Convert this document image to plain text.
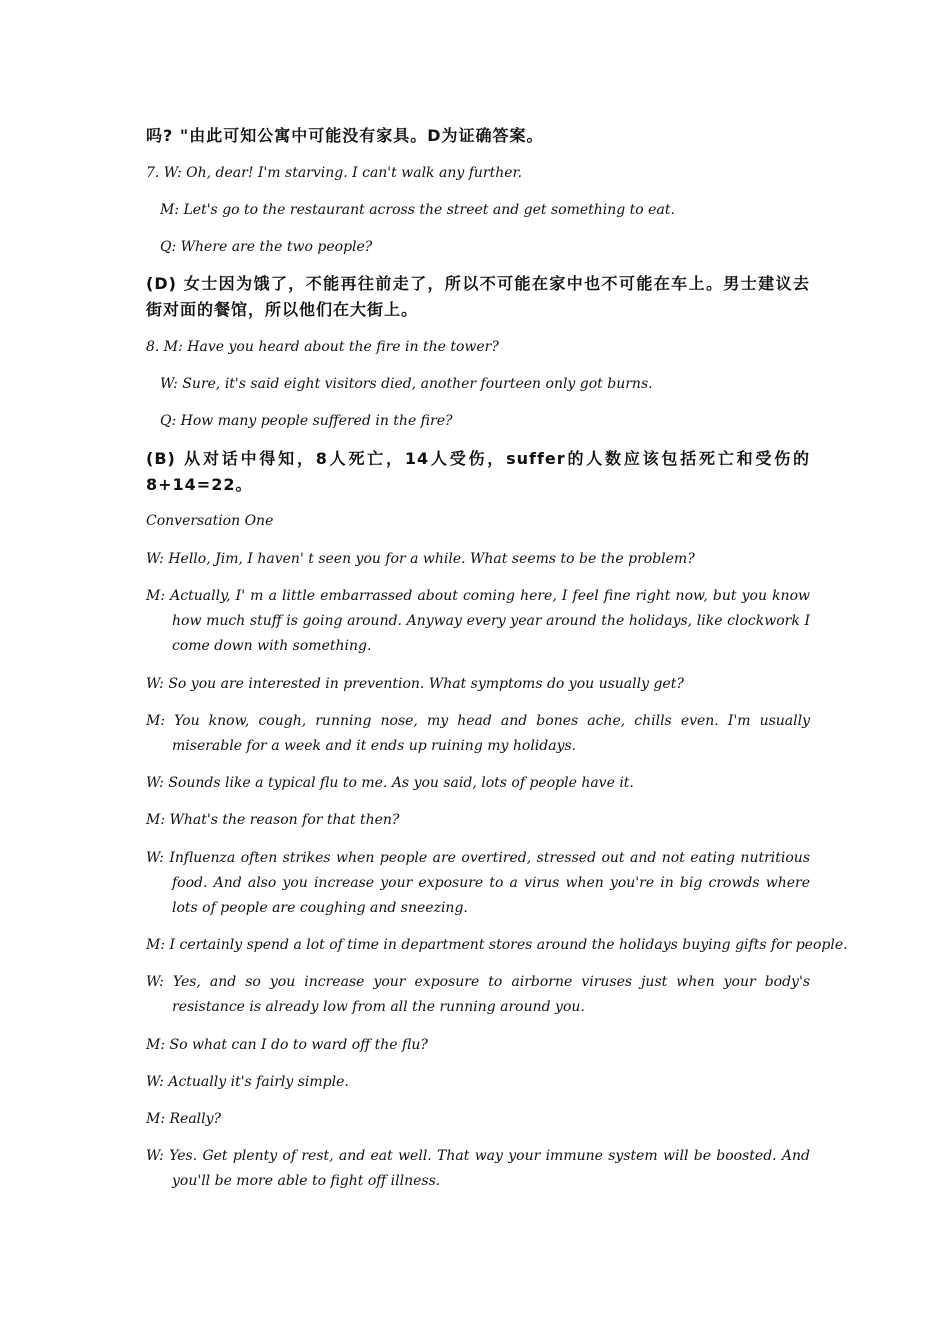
吗? "由此可知公寓中可能没有家具。D为证确答案。
7. W: Oh, dear! I'm starving. I can't walk any further.
M: Let's go to the restaurant across the street and get something to eat.
Q: Where are the two people?
(D) 女士因为饿了，不能再往前走了，所以不可能在家中也不可能在车上。男士建议去街对面的餐馆，所以他们在大街上。
8. M: Have you heard about the fire in the tower?
W: Sure, it's said eight visitors died, another fourteen only got burns.
Q: How many people suffered in the fire?
(B) 从对话中得知，8人死亡，14人受伤，suffer的人数应该包括死亡和受伤的8+14=22。
Conversation One
W: Hello, Jim, I haven' t seen you for a while. What seems to be the problem?
M: Actually, I' m a little embarrassed about coming here, I feel fine right now, but you know how much stuff is going around. Anyway every year around the holidays, like clockwork I come down with something.
W: So you are interested in prevention. What symptoms do you usually get?
M: You know, cough, running nose, my head and bones ache, chills even. I'm usually miserable for a week and it ends up ruining my holidays.
W: Sounds like a typical flu to me. As you said, lots of people have it.
M: What's the reason for that then?
W: Influenza often strikes when people are overtired, stressed out and not eating nutritious food. And also you increase your exposure to a virus when you're in big crowds where lots of people are coughing and sneezing.
M: I certainly spend a lot of time in department stores around the holidays buying gifts for people.
W: Yes, and so you increase your exposure to airborne viruses just when your body's resistance is already low from all the running around you.
M: So what can I do to ward off the flu?
W: Actually it's fairly simple.
M: Really?
W: Yes. Get plenty of rest, and eat well. That way your immune system will be boosted. And you'll be more able to fight off illness.
